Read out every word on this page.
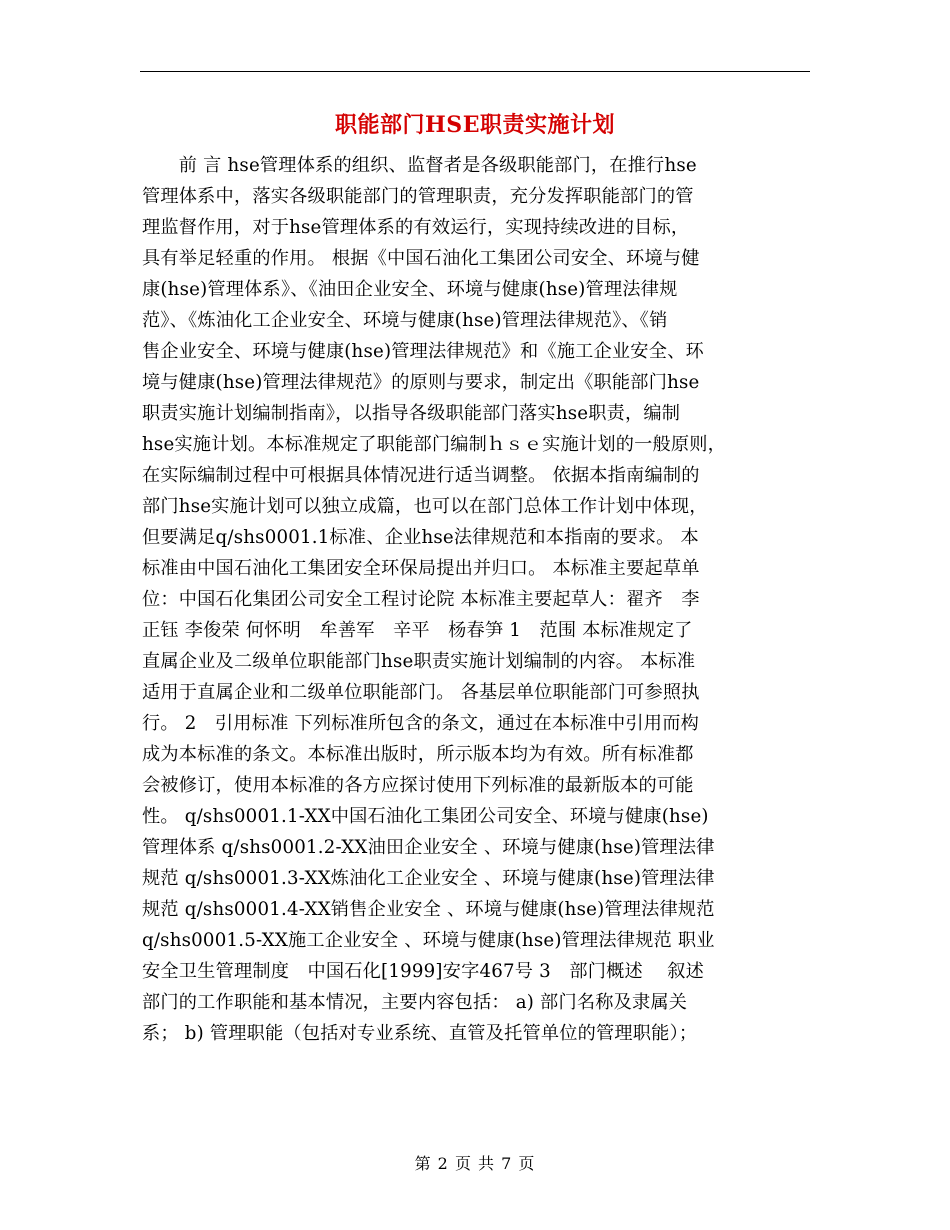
职能部门HSE职责实施计划
　　前 言 hse管理体系的组织、监督者是各级职能部门，在推行hse
管理体系中，落实各级职能部门的管理职责，充分发挥职能部门的管
理监督作用，对于hse管理体系的有效运行，实现持续改进的目标，
具有举足轻重的作用。 根据《中国石油化工集团公司安全、环境与健
康(hse)管理体系》、《油田企业安全、环境与健康(hse)管理法律规
范》、《炼油化工企业安全、环境与健康(hse)管理法律规范》、《销
售企业安全、环境与健康(hse)管理法律规范》和《施工企业安全、环
境与健康(hse)管理法律规范》的原则与要求，制定出《职能部门hse
职责实施计划编制指南》，以指导各级职能部门落实hse职责，编制
hse实施计划。本标准规定了职能部门编制ｈｓｅ实施计划的一般原则，
在实际编制过程中可根据具体情况进行适当调整。 依据本指南编制的
部门hse实施计划可以独立成篇，也可以在部门总体工作计划中体现，
但要满足q/shs0001.1标准、企业hse法律规范和本指南的要求。 本
标准由中国石油化工集团安全环保局提出并归口。 本标准主要起草单
位：中国石化集团公司安全工程讨论院 本标准主要起草人：翟齐　李
正钰 李俊荣 何怀明　牟善军　辛平　杨春笋 1　范围 本标准规定了
直属企业及二级单位职能部门hse职责实施计划编制的内容。 本标准
适用于直属企业和二级单位职能部门。 各基层单位职能部门可参照执
行。 2　引用标准 下列标准所包含的条文，通过在本标准中引用而构
成为本标准的条文。本标准出版时，所示版本均为有效。所有标准都
会被修订，使用本标准的各方应探讨使用下列标准的最新版本的可能
性。 q/shs0001.1-XX中国石油化工集团公司安全、环境与健康(hse)
管理体系 q/shs0001.2-XX油田企业安全 、环境与健康(hse)管理法律
规范 q/shs0001.3-XX炼油化工企业安全 、环境与健康(hse)管理法律
规范 q/shs0001.4-XX销售企业安全 、环境与健康(hse)管理法律规范
q/shs0001.5-XX施工企业安全 、环境与健康(hse)管理法律规范 职业
安全卫生管理制度　中国石化[1999]安字467号 3　部门概述　 叙述
部门的工作职能和基本情况，主要内容包括： a) 部门名称及隶属关
系； b) 管理职能（包括对专业系统、直管及托管单位的管理职能）；
第 2 页 共 7 页
